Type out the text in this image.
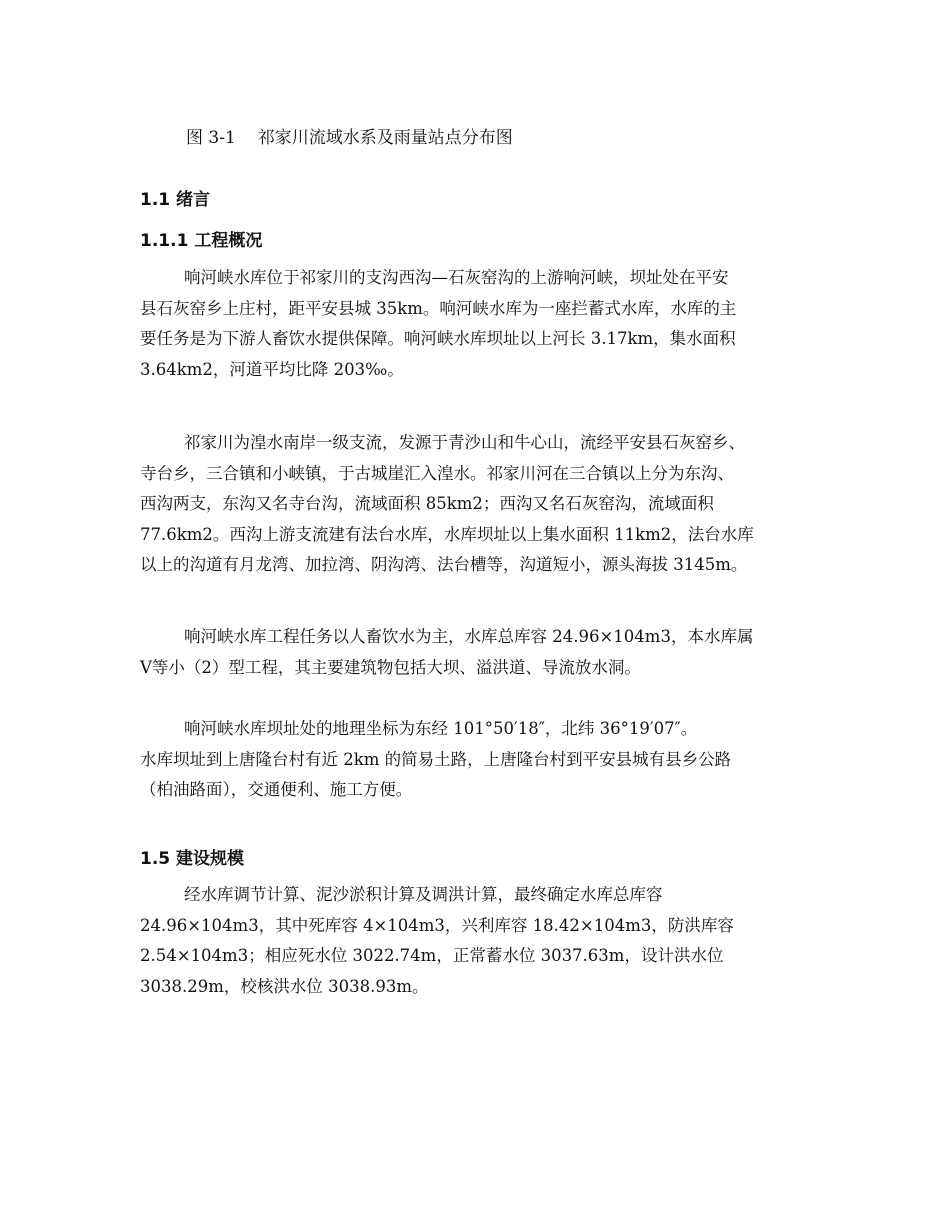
图 3-1 祁家川流域水系及雨量站点分布图
1.1 绪言
1.1.1 工程概况
响河峡水库位于祁家川的支沟西沟—石灰窑沟的上游响河峡，坝址处在平安
县石灰窑乡上庄村，距平安县城 35km。响河峡水库为一座拦蓄式水库，水库的主
要任务是为下游人畜饮水提供保障。响河峡水库坝址以上河长 3.17km，集水面积
3.64km2，河道平均比降 203‰。
祁家川为湟水南岸一级支流，发源于青沙山和牛心山，流经平安县石灰窑乡、
寺台乡，三合镇和小峡镇，于古城崖汇入湟水。祁家川河在三合镇以上分为东沟、
西沟两支，东沟又名寺台沟，流域面积 85km2；西沟又名石灰窑沟，流域面积
77.6km2。西沟上游支流建有法台水库，水库坝址以上集水面积 11km2，法台水库
以上的沟道有月龙湾、加拉湾、阴沟湾、法台槽等，沟道短小，源头海拔 3145m。
响河峡水库工程任务以人畜饮水为主，水库总库容 24.96×104m3，本水库属
Ⅴ等小（2）型工程，其主要建筑物包括大坝、溢洪道、导流放水洞。
响河峡水库坝址处的地理坐标为东经 101°50′18″，北纬 36°19′07″。
水库坝址到上唐隆台村有近 2km 的简易土路，上唐隆台村到平安县城有县乡公路
（柏油路面），交通便利、施工方便。
1.5 建设规模
经水库调节计算、泥沙淤积计算及调洪计算，最终确定水库总库容
24.96×104m3，其中死库容 4×104m3，兴利库容 18.42×104m3，防洪库容
2.54×104m3；相应死水位 3022.74m，正常蓄水位 3037.63m，设计洪水位
3038.29m，校核洪水位 3038.93m。
